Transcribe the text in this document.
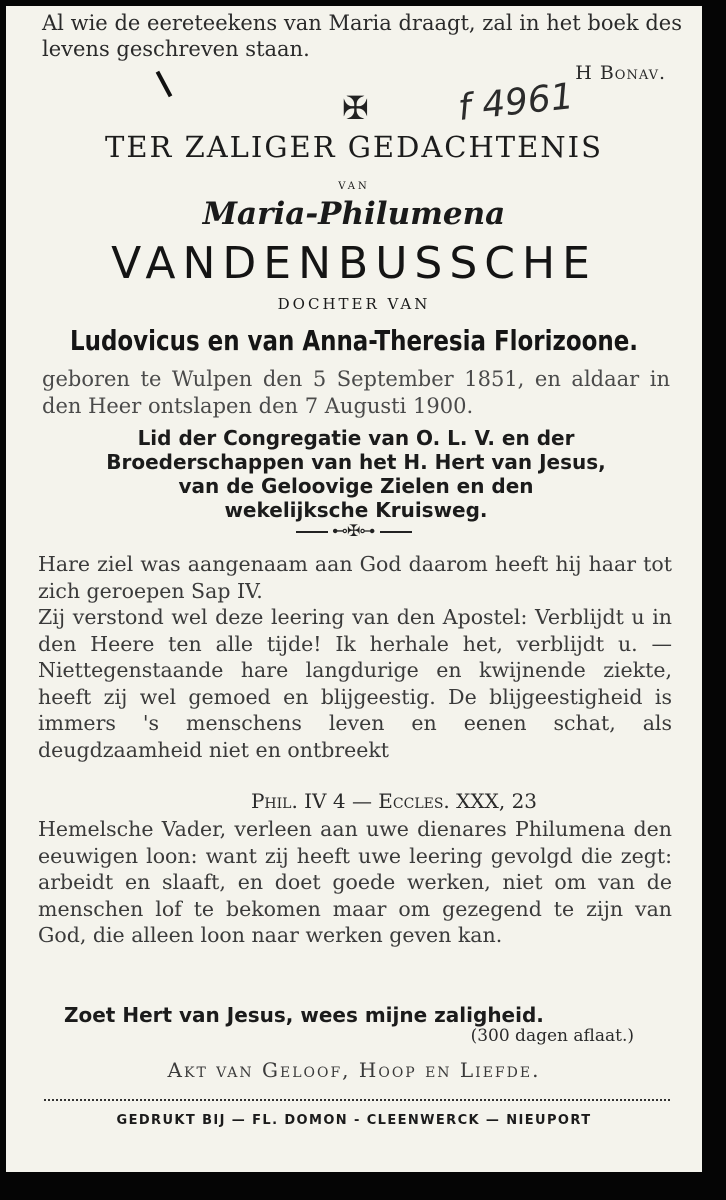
Al wie de eereteekens van Maria draagt, zal in het boek des levens geschreven staan.
H Bonav.
✠ f 4961
TER ZALIGER GEDACHTENIS
van
Maria-Philumena
VANDENBUSSCHE
DOCHTER VAN
Ludovicus en van Anna-Theresia Florizoone.
geboren te Wulpen den 5 September 1851, en aldaar in den Heer ontslapen den 7 Augusti 1900.
Lid der Congregatie van O. L. V. en der
Broederschappen van het H. Hert van Jesus,
van de Geloovige Zielen en den
wekelijksche Kruisweg.
⊷✠⊶
Hare ziel was aangenaam aan God daarom heeft hij haar tot zich geroepen Sap IV.
Zij verstond wel deze leering van den Apostel: Verblijdt u in den Heere ten alle tijde! Ik herhale het, verblijdt u. — Niettegenstaande hare langdurige en kwijnende ziekte, heeft zij wel gemoed en blijgeestig. De blijgeestigheid is immers 's menschens leven en eenen schat, als deugdzaamheid niet en ontbreekt
Phil. IV 4 — Eccles. XXX, 23
Hemelsche Vader, verleen aan uwe dienares Philumena den eeuwigen loon: want zij heeft uwe leering gevolgd die zegt: arbeidt en slaaft, en doet goede werken, niet om van de menschen lof te bekomen maar om gezegend te zijn van God, die alleen loon naar werken geven kan.
Zoet Hert van Jesus, wees mijne zaligheid.
(300 dagen aflaat.)
Akt van Geloof, Hoop en Liefde.
GEDRUKT BIJ — FL. DOMON - CLEENWERCK — NIEUPORT
